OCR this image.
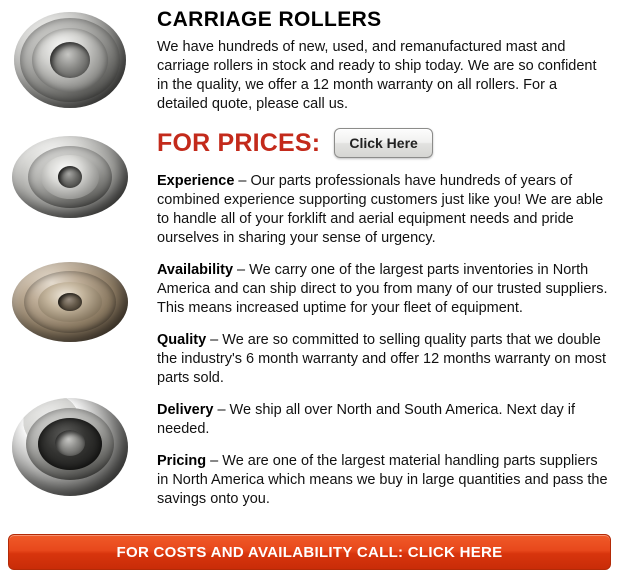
CARRIAGE ROLLERS

We have hundreds of new, used, and remanufactured mast and carriage rollers in stock and ready to ship today. We are so confident in the quality, we offer a 12 month warranty on all rollers. For a detailed quote, please call us.

FOR PRICES:	Click Here

Experience – Our parts professionals have hundreds of years of combined experience supporting customers just like you! We are able to handle all of your forklift and aerial equipment needs and pride ourselves in sharing your sense of urgency.

Availability – We carry one of the largest parts inventories in North America and can ship direct to you from many of our trusted suppliers. This means increased uptime for your fleet of equipment.

Quality – We are so committed to selling quality parts that we double the industry's 6 month warranty and offer 12 months warranty on most parts sold.

Delivery – We ship all over North and South America. Next day if needed.

Pricing – We are one of the largest material handling parts suppliers in North America which means we buy in large quantities and pass the savings onto you.

FOR COSTS AND AVAILABILITY CALL: CLICK HERE
